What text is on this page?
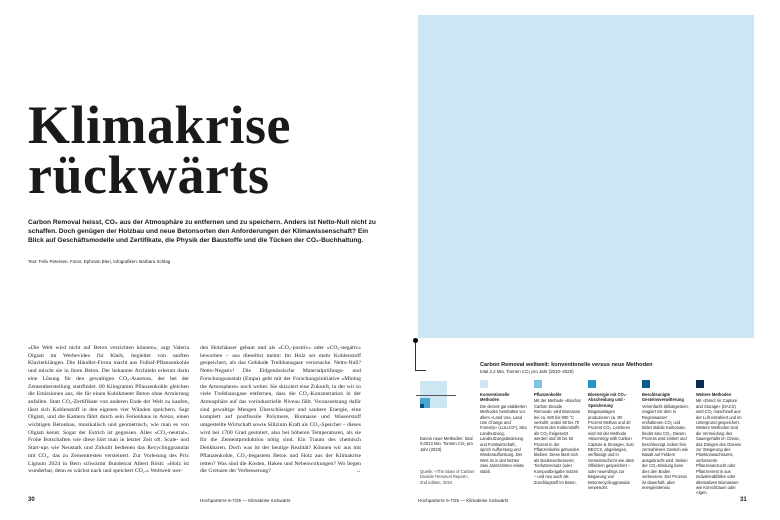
Klimakrise
rückwärts

Carbon Removal heisst, CO₂ aus der Atmosphäre zu entfernen und zu speichern. Anders ist Netto-Null nicht zu schaffen. Doch genügen der Holzbau und neue Betonsorten den Anforderungen der Klimawissenschaft? Ein Blick auf Geschäftsmodelle und Zertifikate, die Physik der Baustoffe und die Tücken der CO₂-Buchhaltung.

Text: Felix Petersen, Fotos: Ephraim Bieri, Infografiken: Barbara Schlag

«Die Welt wird nicht auf Beton verzichten können», sagt Valeria Olgiati im Werbevideo für Klark, begleitet von sanften Klavierklängen. Die Händler-Firma macht aus Fulhaf-Pflanzenkohle und mischt sie in ihren Beton. Der bekannte Architekt erkennt darin eine Lösung für den gewaltigen CO₂-Ausstoss, der bei der Zementherstellung stattfindet. 80 Kilogramm Pflanzenkohle gleichen die Emissionen aus, die für einen Kubikmeter Beton ohne Armierung anfallen. Statt CO₂-Zertifikate von anderen Ende der Welt zu kaufen, lässt sich Kohlenstoff in den eigenen vier Wänden speichern. Sagt Olgiati, und die Kamera fährt durch sein Ferienhaus in Arezo, einen wichtigen Betonbau, musikalisch und geometrisch, wie man es von Olgiati kennt. Sogar der Estrich ist gegossen. Alles «CO₂-neutral». Frohe Botschaften wie diese hört man in letzter Zeit oft. Scale- und Start-ups wie Neustark und Zirkulit bedienen das Recyclinggranulat mit CO₂, das zu Zementresten versteinert. Zur Vorlesung des Prix Lignum 2024 in Bern schwärmt Bundesrat Albert Rösti: «Holz ist wunderbar, denn es wächst nach und speichert CO₂.» Weltweit wer-
den Holzhäuser gebaut und als «CO₂-positiv» oder «CO₂-negativ» beworben – aus dieselbst meint: Im Holz sei mehr Kohlenstoff gespeichert, als das Gebäude Treibhausgase verursache. Netto-Null? Netto-Negativ! Die Eidgenössische Materialprüfungs- und Forschungsanstalt (Empa) geht mit der Forschungsinitiative «Mining the Atmosphere» noch weiter. Sie skizziert eine Zukunft, in der wir so viele Treibhausgase entfernen, dass die CO₂-Konzentration in der Atmosphäre auf das vorindustrielle Niveau fällt. Voraussetzung dafür sind gewaltige Mengen Überschüssiger und saubere Energie, eine komplett auf postfossile Polymere, Biomasse und Wasserstoff umgestellte Wirtschaft sowie Silizium Kraft als CO₂-Speicher – dieses wird bei 1700 Grad gesintert, also bei höheren Temperaturen, als sie für die Zementproduktion nötig sind. Ein Traum des chemisch Denkbaren. Doch was ist der heutige Realität? Können wir aus mit Pflanzenkohle, CO₂-begastem Beton und Holz aus der Klimakrise retten? Was sind die Kosten, Haken und Nebenwirkungen? Wo liegen die Grenzen der Verbesserung?	→
30	Hochparterre 6-7/25 — Klimakrise rückwärts
Carbon Removal weltweit: konventionelle versus neue Methoden
total 2,2 Mio. Tonnen CO₂ pro Jahr (2010–2020)
Davon neue Methoden: total 0,0013 Mio. Tonnen CO₂ pro Jahr (2023)
Quelle: «The State of Carbon Dioxide Removal Report», 2nd edition, 2024
Konventionelle Methoden
Die derzeit gut etablierten Methoden beinhalten vor allem «Land Use, Land Use Change and Forestry» (LULUCF), also Landnutzung, Landnutzungsänderung und Forstwirtschaft, sprich Aufforstung und Wiederaufforstung. Der Wert ist in den letzten zwei Jahrzehnten relativ stabil.
Pflanzenkohle
Mit der Methode «Biochar Carbon Dioxide Removal» wird Biomasse bei ca. 600 bis 900 °C verkohlt, wobei 50 bis 70 Prozent des Kohlenstoffs als CO₂ freigesetzt werden und 30 bis 50 Prozent in der Pflanzenkohle gebunden bleiben. Diese lässt sich als Bodenverbesserer, Tierfutterersatz (oder Kompostbeigabe nutzen – und neu auch als Zuschlagstoff im Beton.
Bioenergie mit CO₂-Abscheidung und -Speicherung
Biogasanlagen produzieren ca. 80 Prozent Methan und 40 Prozent CO₂. Letzteres wird mit der Methode «Bioenergy with Carbon Capture & Storage», kurz BECCS, abgefangen, verflüssigt und in Gesteinsschicht wie alten Ölfeldern gespeichert – oder neuerdings zur Begasung von Betonrecyclinggranulat verwendet.
Beschleunigte Gesteinsverwitterung
Vereinfacht Silikatgestein, reagiert mit dem in Regenwasser enthaltenen CO₂ und bildet stabile Karbonate, bindet also CO₂. Diesen Prozess wird imitiert und beschleunigt, indem fein zermahlenes Gestein wie Basalt auf Feldern ausgebracht wird. Neben der CO₂-Bindung kann dies den Boden verbessern. Der Prozess ist dauerhaft, aber energieintensiv.
Weitere Methoden
Mit «Direct Air Capture and Storage» (DACS) wird CO₂ maschinell aus der Luft extrahiert und im Untergrund gespeichert. Weitere Methoden sind die Vermeidung des Sauergehalts im Ozean, das Düngen des Ozeans zur Steigerung des Planktonwachstums, verbesserte Pflanzenanzucht oder Pflanzenrest in aus Industrieabfällen oder alternativen Biomassen wie Körnchbaum oder Algen.
Hochparterre 6-7/25 — Klimakrise rückwärts	31
